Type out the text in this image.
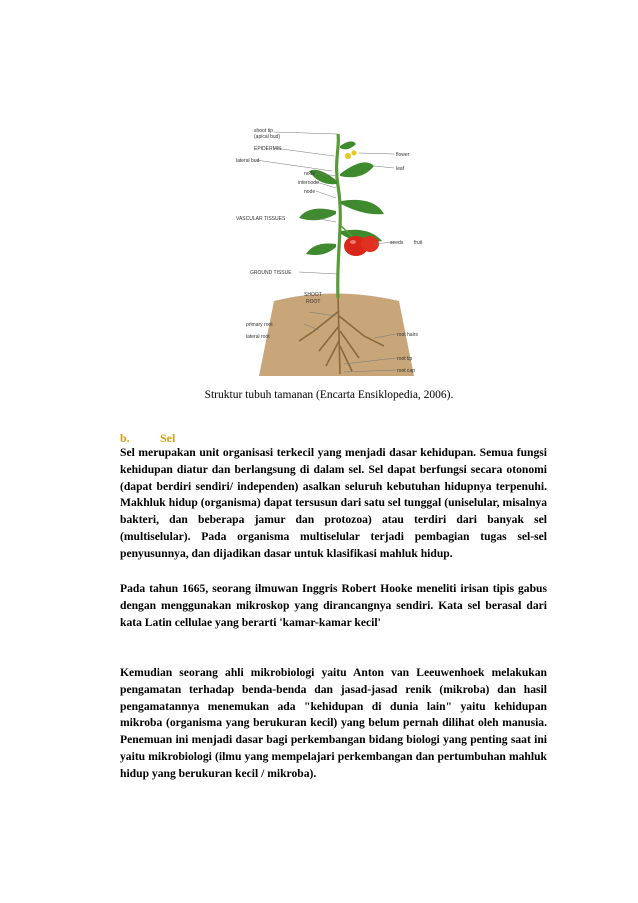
shoot tip
(apical bud)
EPIDERMIS
lateral bud
node
internode
node
VASCULAR TISSUES
GROUND TISSUE
SHOOT
ROOT
primary root
lateral root
flower
leaf
seeds fruit
root hairs
root tip
root cap
Struktur tubuh tamanan (Encarta Ensiklopedia, 2006).
b.	Sel

Sel merupakan unit organisasi terkecil yang menjadi dasar kehidupan. Semua fungsi kehidupan diatur dan berlangsung di dalam sel. Sel dapat berfungsi secara otonomi (dapat berdiri sendiri/ independen) asalkan seluruh kebutuhan hidupnya terpenuhi. Makhluk hidup (organisma) dapat tersusun dari satu sel tunggal (uniselular, misalnya bakteri, dan beberapa jamur dan protozoa) atau terdiri dari banyak sel (multiselular). Pada organisma multiselular terjadi pembagian tugas sel-sel penyusunnya, dan dijadikan dasar untuk klasifikasi mahluk hidup.

Pada tahun 1665, seorang ilmuwan Inggris Robert Hooke meneliti irisan tipis gabus dengan menggunakan mikroskop yang dirancangnya sendiri. Kata sel berasal dari kata Latin cellulae yang berarti 'kamar-kamar kecil'

Kemudian seorang ahli mikrobiologi yaitu Anton van Leeuwenhoek melakukan pengamatan terhadap benda-benda dan jasad-jasad renik (mikroba) dan hasil pengamatannya menemukan ada "kehidupan di dunia lain" yaitu kehidupan mikroba (organisma yang berukuran kecil) yang belum pernah dilihat oleh manusia. Penemuan ini menjadi dasar bagi perkembangan bidang biologi yang penting saat ini yaitu mikrobiologi (ilmu yang mempelajari perkembangan dan pertumbuhan mahluk hidup yang berukuran kecil / mikroba).
